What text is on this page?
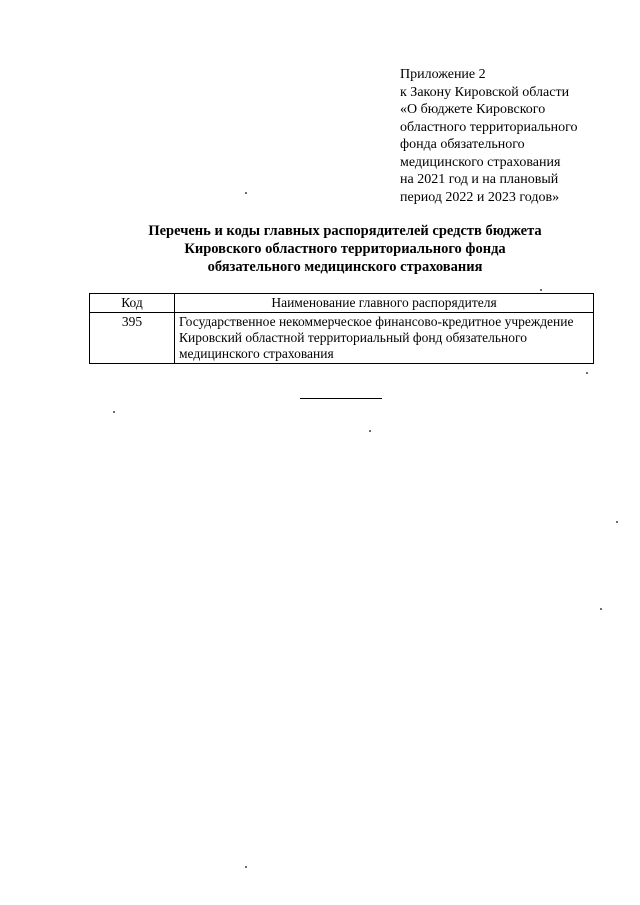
Приложение 2
к Закону Кировской области
«О бюджете Кировского
областного территориального
фонда обязательного
медицинского страхования
на 2021 год и на плановый
период 2022 и 2023 годов»
Перечень и коды главных распорядителей средств бюджета
Кировского областного территориального фонда
обязательного медицинского страхования
Код	Наименование главного распорядителя
395	Государственное некоммерческое финансово-кредитное учреждение Кировский областной территориальный фонд обязательного медицинского страхования
